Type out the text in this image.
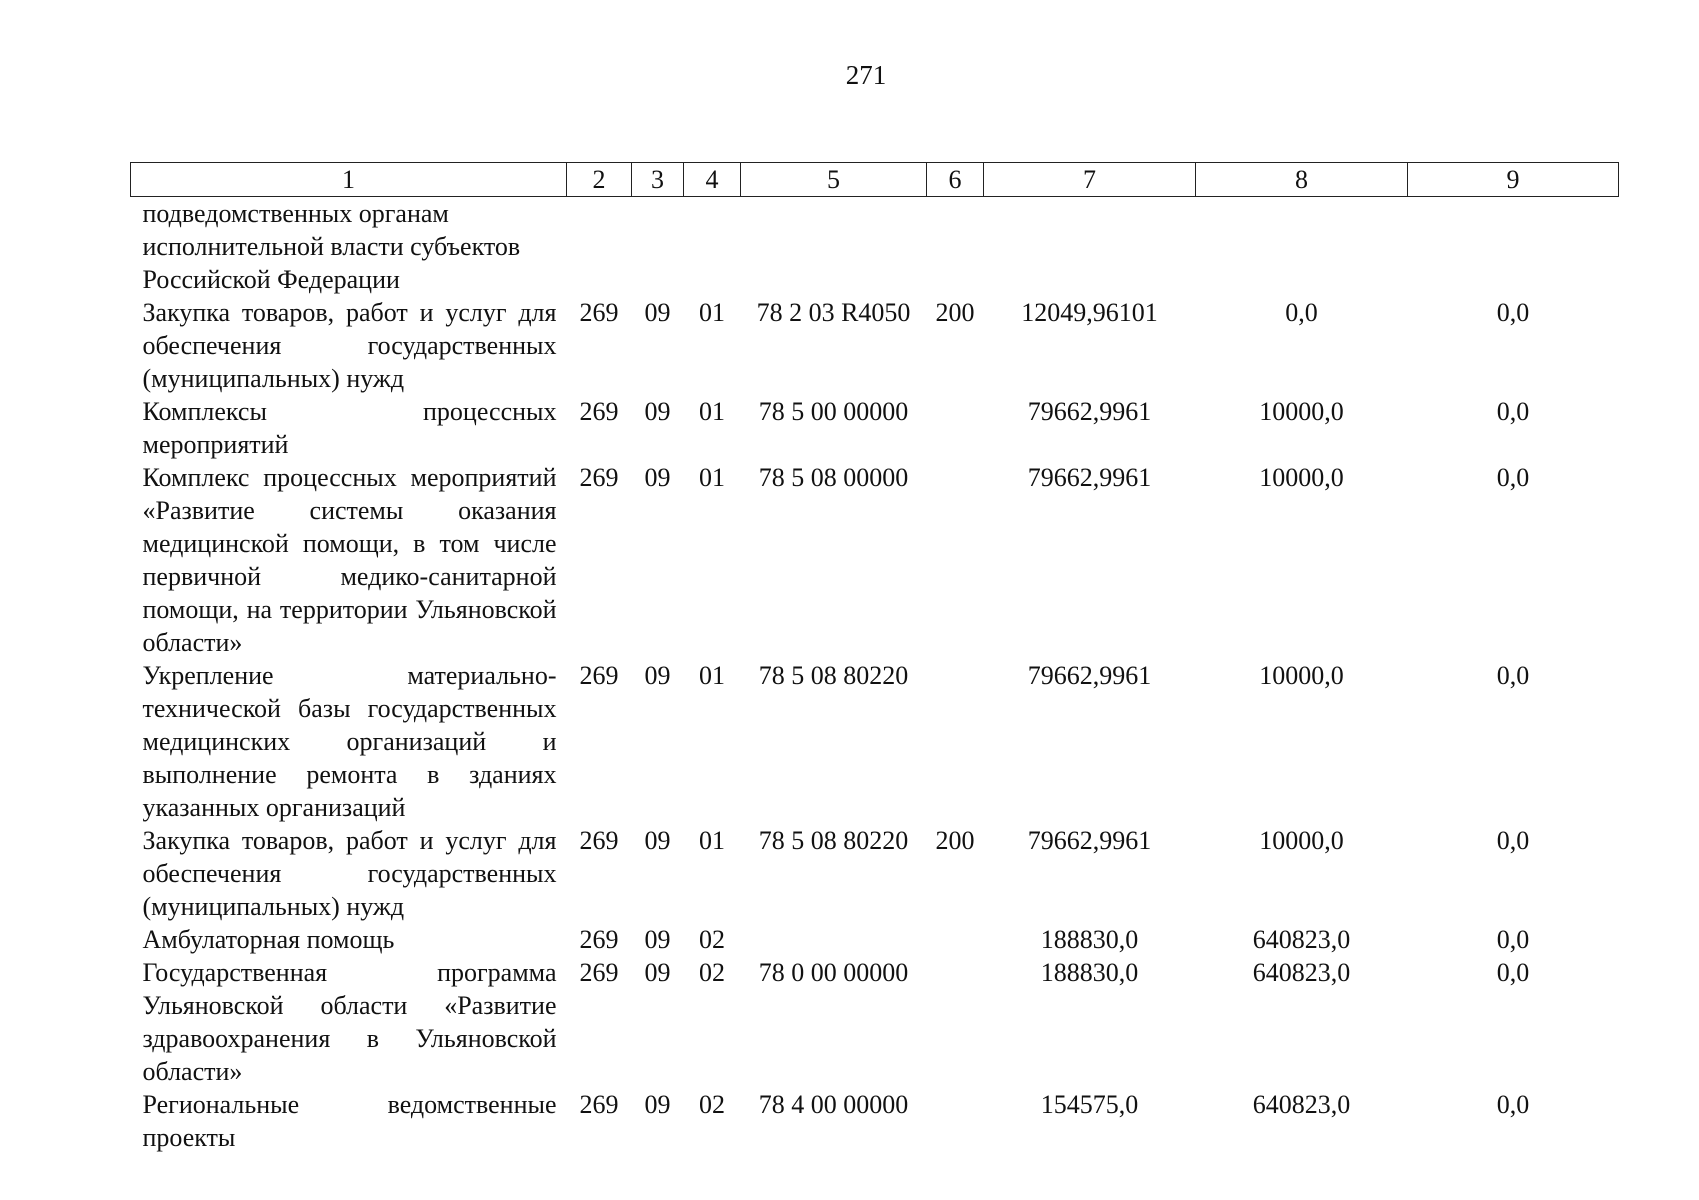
271
1	2	3	4	5	6	7	8	9
подведомственных органам исполнительной власти субъектов Российской Федерации								
Закупка товаров, работ и услуг для обеспечения государственных (муниципальных) нужд	269	09	01	78 2 03 R4050	200	12049,96101	0,0	0,0
Комплексы процессных мероприятий	269	09	01	78 5 00 00000		79662,9961	10000,0	0,0
Комплекс процессных мероприятий «Развитие системы оказания медицинской помощи, в том числе первичной медико-санитарной помощи, на территории Ульяновской области»	269	09	01	78 5 08 00000		79662,9961	10000,0	0,0
Укрепление материально-технической базы государственных медицинских организаций и выполнение ремонта в зданиях указанных организаций	269	09	01	78 5 08 80220		79662,9961	10000,0	0,0
Закупка товаров, работ и услуг для обеспечения государственных (муниципальных) нужд	269	09	01	78 5 08 80220	200	79662,9961	10000,0	0,0
Амбулаторная помощь	269	09	02			188830,0	640823,0	0,0
Государственная программа Ульяновской области «Развитие здравоохранения в Ульяновской области»	269	09	02	78 0 00 00000		188830,0	640823,0	0,0
Региональные ведомственные проекты	269	09	02	78 4 00 00000		154575,0	640823,0	0,0
